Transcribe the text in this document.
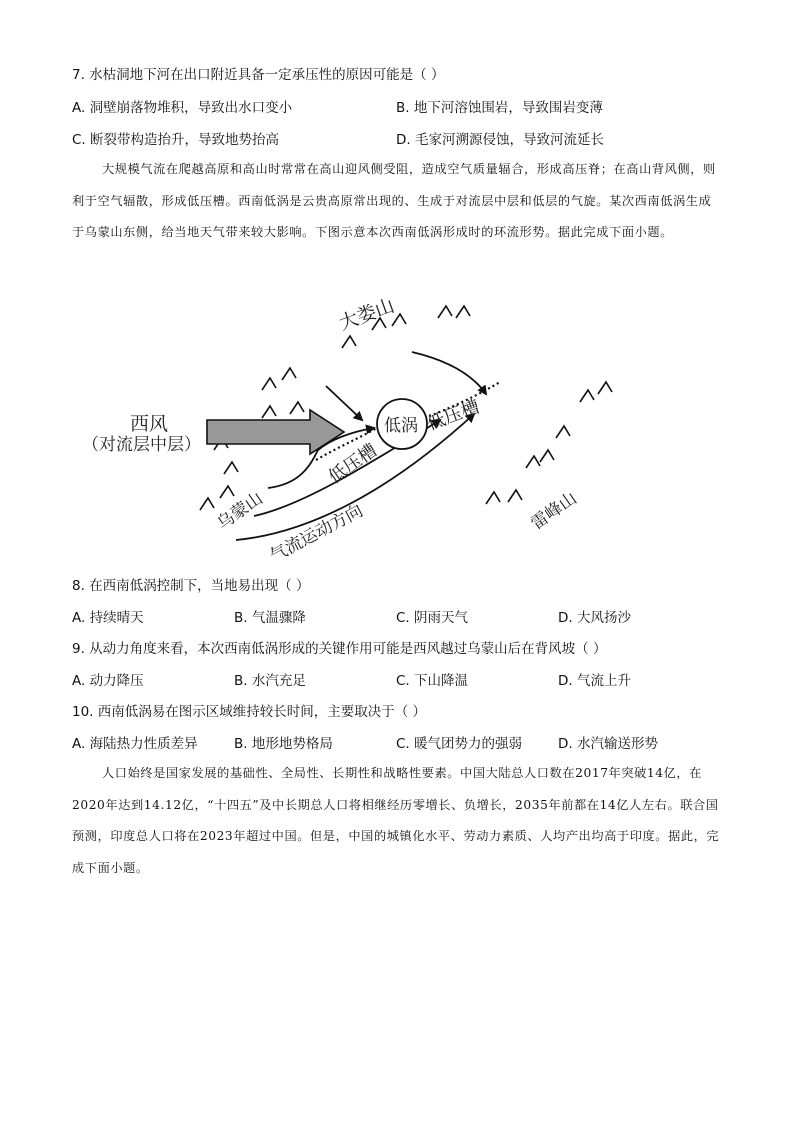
7. 水枯洞地下河在出口附近具备一定承压性的原因可能是（ ）
A. 洞壁崩落物堆积，导致出水口变小	B. 地下河溶蚀围岩，导致围岩变薄
C. 断裂带构造抬升，导致地势抬高	D. 毛家河溯源侵蚀，导致河流延长
大规模气流在爬越高原和高山时常常在高山迎风侧受阻，造成空气质量辐合，形成高压脊；在高山背风侧，则利于空气辐散，形成低压槽。西南低涡是云贵高原常出现的、生成于对流层中层和低层的气旋。某次西南低涡生成于乌蒙山东侧，给当地天气带来较大影响。下图示意本次西南低涡形成时的环流形势。据此完成下面小题。
大娄山
西风
（对流层中层）
低涡 低压槽
低压槽
乌蒙山 气流运动方向	雷峰山
8. 在西南低涡控制下，当地易出现（ ）
A. 持续晴天	B. 气温骤降	C. 阴雨天气	D. 大风扬沙
9. 从动力角度来看，本次西南低涡形成的关键作用可能是西风越过乌蒙山后在背风坡（ ）
A. 动力降压	B. 水汽充足	C. 下山降温	D. 气流上升
10. 西南低涡易在图示区域维持较长时间，主要取决于（ ）
A. 海陆热力性质差异	B. 地形地势格局	C. 暖气团势力的强弱	D. 水汽输送形势
人口始终是国家发展的基础性、全局性、长期性和战略性要素。中国大陆总人口数在2017年突破14亿，在2020年达到14.12亿，“十四五”及中长期总人口将相继经历零增长、负增长，2035年前都在14亿人左右。联合国预测，印度总人口将在2023年超过中国。但是，中国的城镇化水平、劳动力素质、人均产出均高于印度。据此，完成下面小题。
